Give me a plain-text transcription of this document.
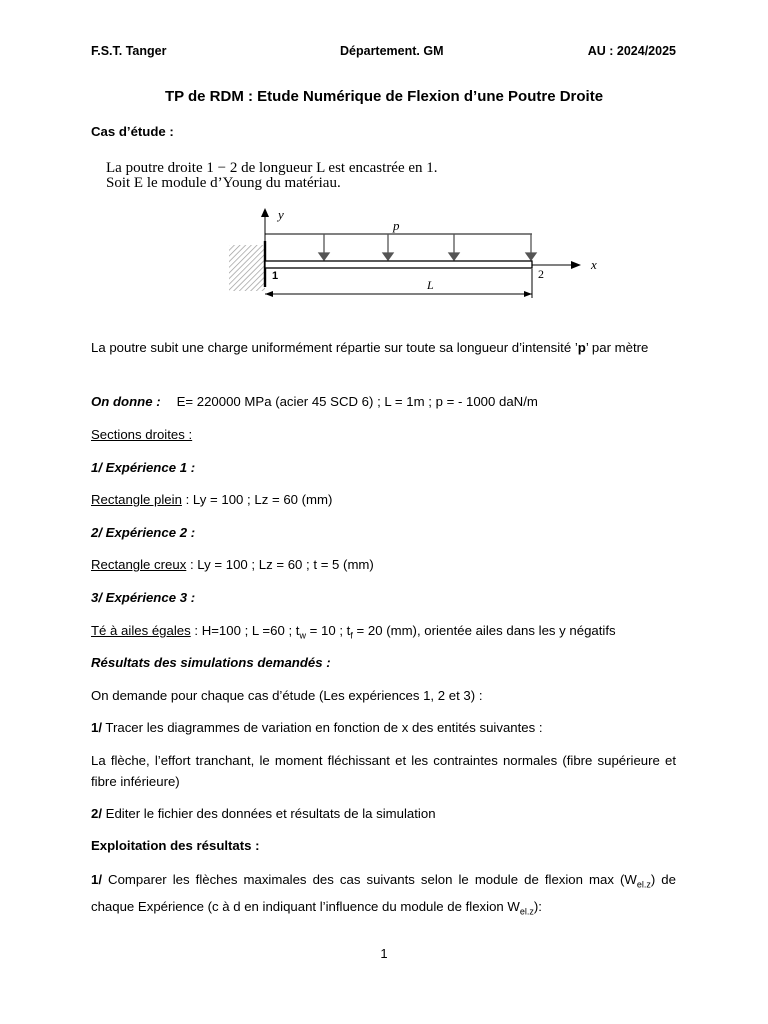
F.S.T. Tanger	Département. GM	AU : 2024/2025
TP de RDM : Etude Numérique de Flexion d’une Poutre Droite
Cas d’étude :
La poutre droite 1 − 2 de longueur L est encastrée en 1.
Soit E le module d’Young du matériau.
y
p
x
1	2
L
La poutre subit une charge uniformément répartie sur toute sa longueur d’intensité ’p’ par mètre
On donne : E= 220000 MPa (acier 45 SCD 6) ; L = 1m ; p = - 1000 daN/m
Sections droites :
1/ Expérience 1 :
Rectangle plein : Ly = 100 ; Lz = 60 (mm)
2/ Expérience 2 :
Rectangle creux : Ly = 100 ; Lz = 60 ; t = 5 (mm)
3/ Expérience 3 :
Té à ailes égales : H=100 ; L =60 ; $t_w = 10$ ; $t_f = 20$ (mm), orientée ailes dans les y négatifs
Résultats des simulations demandés :
On demande pour chaque cas d’étude (Les expériences 1, 2 et 3) :
1/ Tracer les diagrammes de variation en fonction de x des entités suivantes :
La flèche, l’effort tranchant, le moment fléchissant et les contraintes normales (fibre supérieure et fibre inférieure)
2/ Editer le fichier des données et résultats de la simulation
Exploitation des résultats :
1/ Comparer les flèches maximales des cas suivants selon le module de flexion $\max (W_{el.z})$ de chaque Expérience (c à d en indiquant l’influence du module de flexion $W_{el.z}$):
1
